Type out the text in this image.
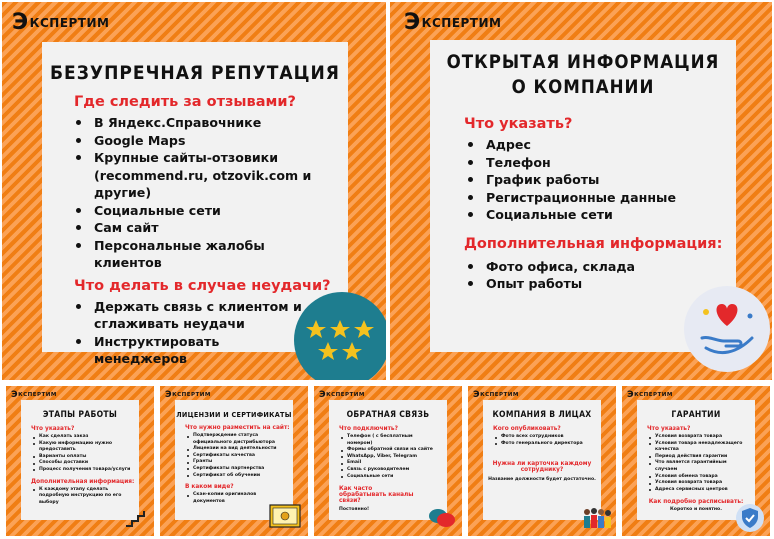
Э КСПЕРТИМ
БЕЗУПРЕЧНАЯ РЕПУТАЦИЯ
Где следить за отзывами?
В Яндекс.Справочнике
Google Maps
Крупные сайты-отзовики (recommend.ru, otzovik.com и другие)
Социальные сети
Сам сайт
Персональные жалобы клиентов
Что делать в случае неудачи?
Держать связь с клиентом и сглаживать неудачи
Инструктировать менеджеров
Э КСПЕРТИМ
ОТКРЫТАЯ ИНФОРМАЦИЯ
О КОМПАНИИ
Что указать?
Адрес
Телефон
График работы
Регистрационные данные
Социальные сети
Дополнительная информация:
Фото офиса, склада
Опыт работы
Э КСПЕРТИМ
ЭТАПЫ РАБОТЫ
Что указать?
Как сделать заказ
Какую информацию нужно предоставить
Варианты оплаты
Способы доставки
Процесс получения товара/услуги
Дополнительная информация:
К каждому этапу сделать подробную инструкцию по его выбору
Э КСПЕРТИМ
ЛИЦЕНЗИИ И СЕРТИФИКАТЫ
Что нужно разместить на сайт:
Подтверждение статуса официального дистрибьютора
Лицензии на вид деятельности
Сертификаты качества
Гранты
Сертификаты партнерства
Сертификат об обучении
В каком виде?
Скан-копии оригиналов документов
Э КСПЕРТИМ
ОБРАТНАЯ СВЯЗЬ
Что подключить?
Телефон ( с бесплатным номером)
Формы обратной связи на сайте
WhatsApp, Viber, Telegram
Email
Связь с руководителем
Социальные сети
Как часто обрабатывать каналы связи?
Постоянно!
Э КСПЕРТИМ
КОМПАНИЯ В ЛИЦАХ
Кого опубликовать?
Фото всех сотрудников
Фото генерального директора
Нужна ли карточка каждому сотруднику?
Название должности будет достаточно.
Э КСПЕРТИМ
ГАРАНТИИ
Что указать?
Условия возврата товара
Условия товара ненадлежащего качества
Период действия гарантии
Что является гарантийным случаем
Условия обмена товара
Условия возврата товара
Адреса сервисных центров
Как подробно расписывать:
Коротко и понятно.
